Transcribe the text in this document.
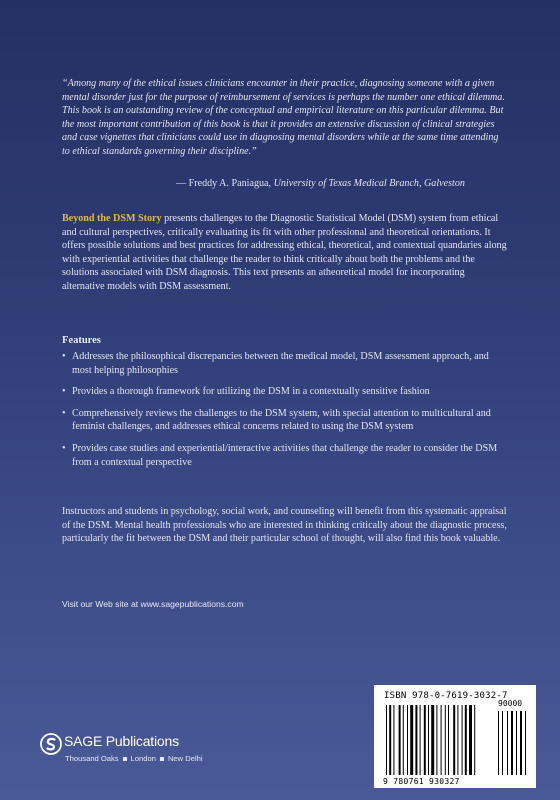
“Among many of the ethical issues clinicians encounter in their practice, diagnosing someone with a given mental disorder just for the purpose of reimbursement of services is perhaps the number one ethical dilemma. This book is an outstanding review of the conceptual and empirical literature on this particular dilemma. But the most important contribution of this book is that it provides an extensive discussion of clinical strategies and case vignettes that clinicians could use in diagnosing mental disorders while at the same time attending to ethical standards governing their discipline.”

— Freddy A. Paniagua, University of Texas Medical Branch, Galveston
Beyond the DSM Story presents challenges to the Diagnostic Statistical Model (DSM) system from ethical and cultural perspectives, critically evaluating its fit with other professional and theoretical orientations. It offers possible solutions and best practices for addressing ethical, theoretical, and contextual quandaries along with experiential activities that challenge the reader to think critically about both the problems and the solutions associated with DSM diagnosis. This text presents an atheoretical model for incorporating alternative models with DSM assessment.
Features
• Addresses the philosophical discrepancies between the medical model, DSM assessment approach, and most helping philosophies
• Provides a thorough framework for utilizing the DSM in a contextually sensitive fashion
• Comprehensively reviews the challenges to the DSM system, with special attention to multicultural and feminist challenges, and addresses ethical concerns related to using the DSM system
• Provides case studies and experiential/interactive activities that challenge the reader to consider the DSM from a contextual perspective
Instructors and students in psychology, social work, and counseling will benefit from this systematic appraisal of the DSM. Mental health professionals who are interested in thinking critically about the diagnostic process, particularly the fit between the DSM and their particular school of thought, will also find this book valuable.
Visit our Web site at www.sagepublications.com
SAGE Publications
Thousand Oaks London New Delhi
ISBN 978-0-7619-3032-7
90000
9 780761 930327
